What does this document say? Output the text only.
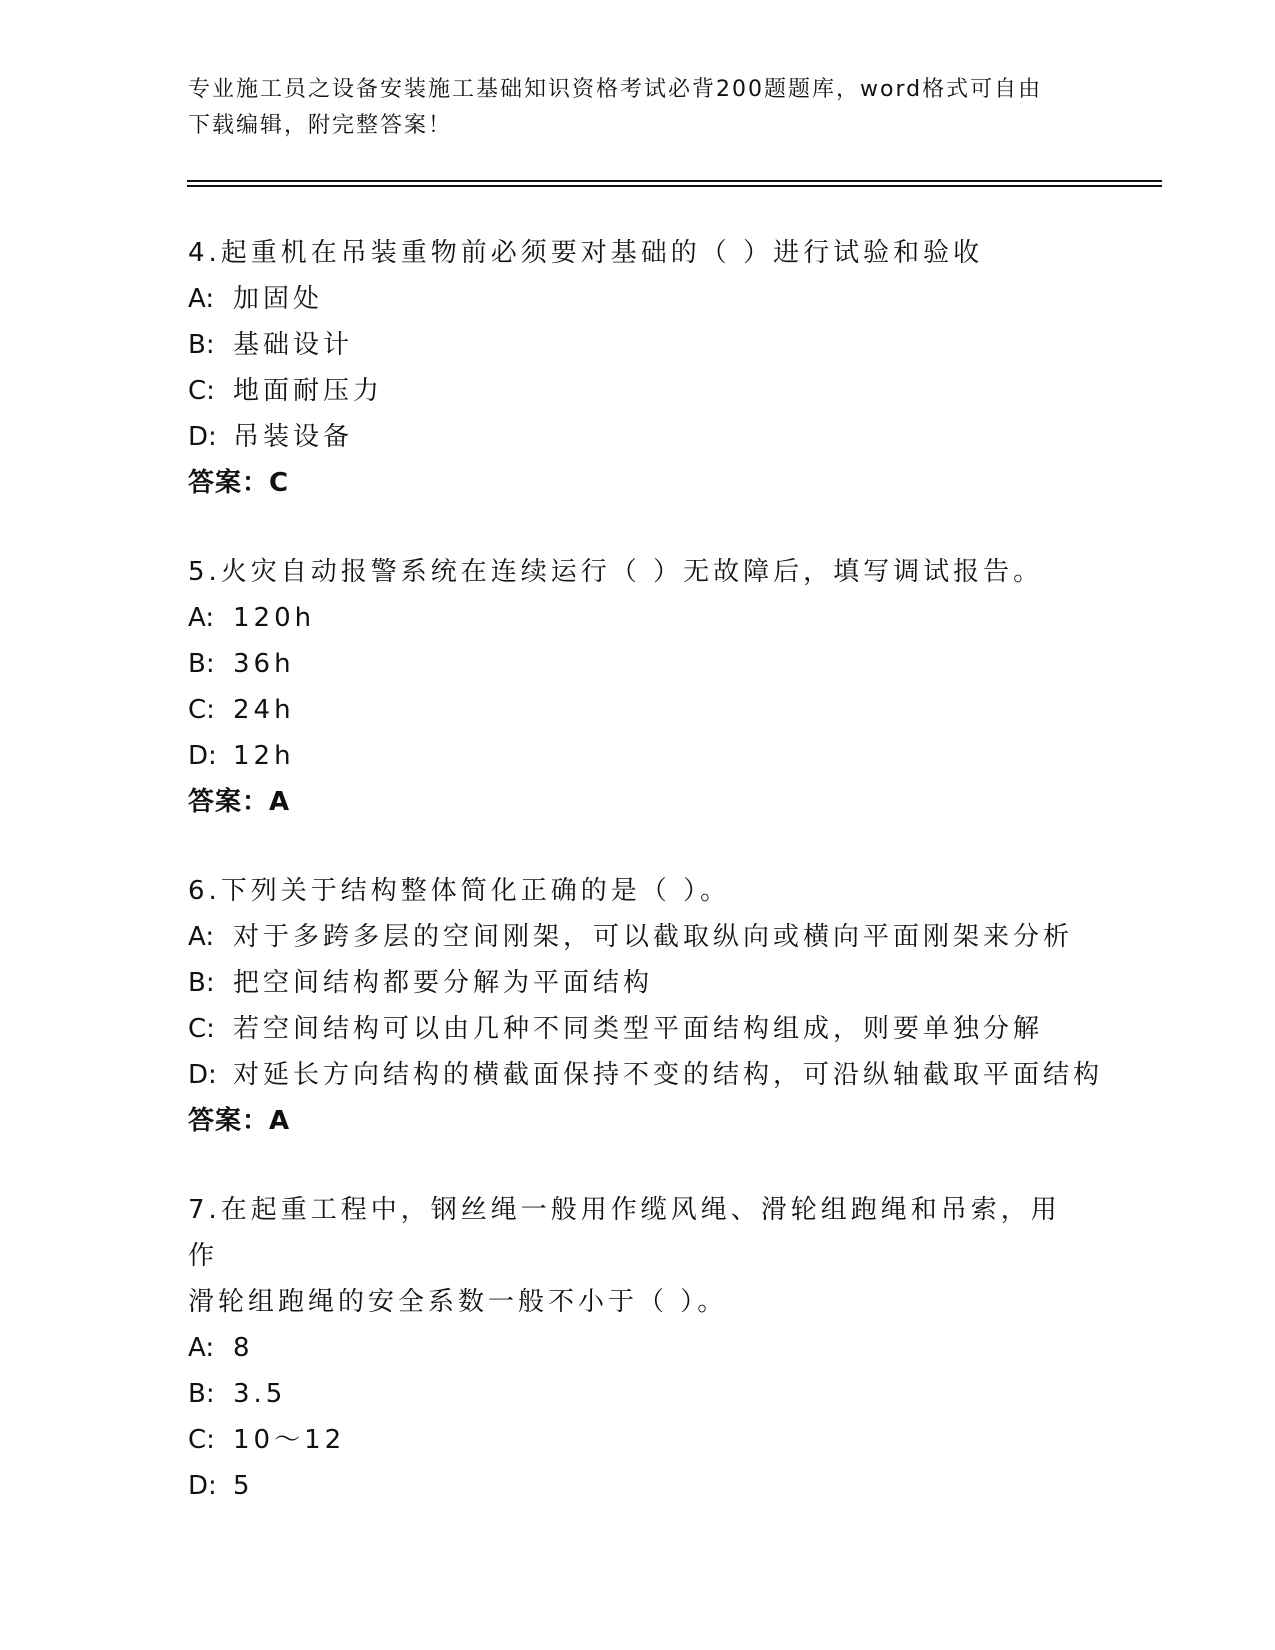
专业施工员之设备安装施工基础知识资格考试必背200题题库，word格式可自由
下载编辑，附完整答案！
4.起重机在吊装重物前必须要对基础的（ ）进行试验和验收
A: 加固处
B: 基础设计
C: 地面耐压力
D: 吊装设备
答案：C
5.火灾自动报警系统在连续运行（ ）无故障后，填写调试报告。
A: 120h
B: 36h
C: 24h
D: 12h
答案：A
6.下列关于结构整体简化正确的是（ ）。
A: 对于多跨多层的空间刚架，可以截取纵向或横向平面刚架来分析
B: 把空间结构都要分解为平面结构
C: 若空间结构可以由几种不同类型平面结构组成，则要单独分解
D: 对延长方向结构的横截面保持不变的结构，可沿纵轴截取平面结构
答案：A
7.在起重工程中，钢丝绳一般用作缆风绳、滑轮组跑绳和吊索，用作
滑轮组跑绳的安全系数一般不小于（ ）。
A: 8
B: 3.5
C: 10～12
D: 5
